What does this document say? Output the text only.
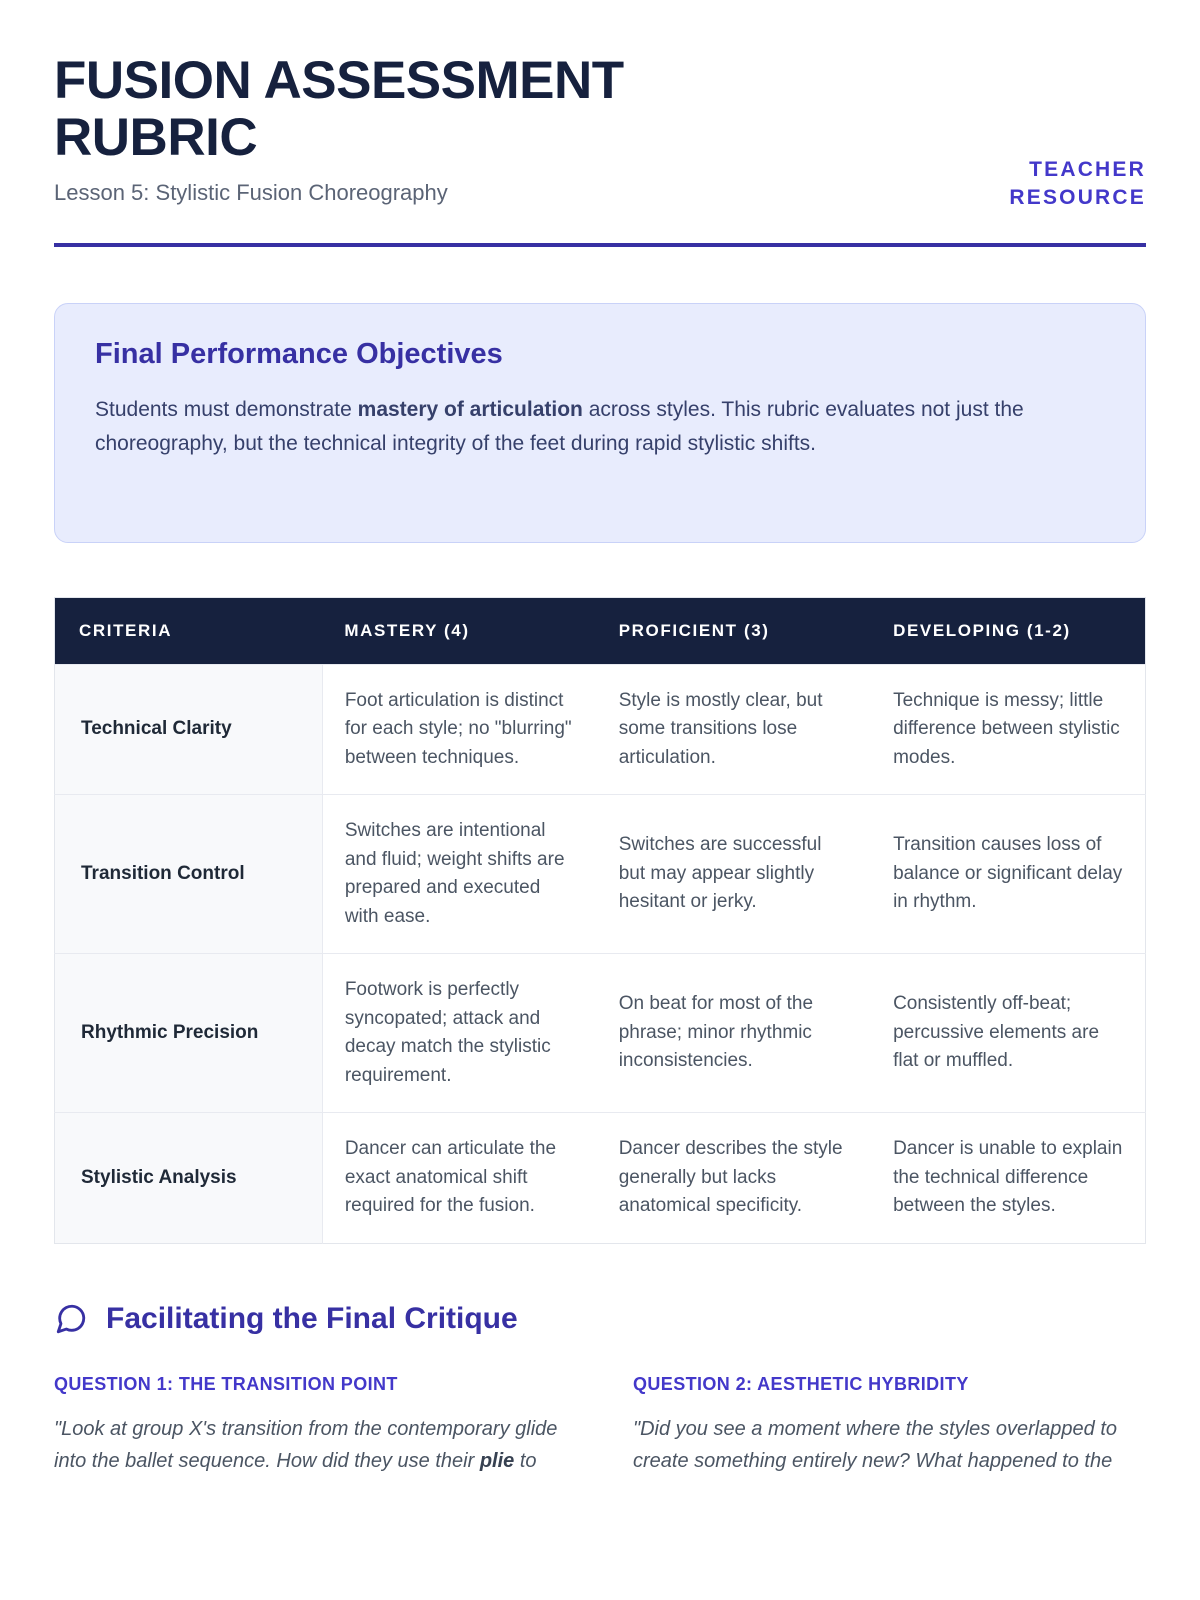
FUSION ASSESSMENT RUBRIC

Lesson 5: Stylistic Fusion Choreography

TEACHER
RESOURCE
Final Performance Objectives

Students must demonstrate mastery of articulation across styles. This rubric evaluates not just the choreography, but the technical integrity of the feet during rapid stylistic shifts.

CRITERIA	MASTERY (4)	PROFICIENT (3)	DEVELOPING (1-2)
Technical Clarity	Foot articulation is distinct for each style; no "blurring" between techniques.	Style is mostly clear, but some transitions lose articulation.	Technique is messy; little difference between stylistic modes.
Transition Control	Switches are intentional and fluid; weight shifts are prepared and executed with ease.	Switches are successful but may appear slightly hesitant or jerky.	Transition causes loss of balance or significant delay in rhythm.
Rhythmic Precision	Footwork is perfectly syncopated; attack and decay match the stylistic requirement.	On beat for most of the phrase; minor rhythmic inconsistencies.	Consistently off-beat; percussive elements are flat or muffled.
Stylistic Analysis	Dancer can articulate the exact anatomical shift required for the fusion.	Dancer describes the style generally but lacks anatomical specificity.	Dancer is unable to explain the technical difference between the styles.
Facilitating the Final Critique
QUESTION 1: THE TRANSITION POINT
"Look at group X's transition from the contemporary glide into the ballet sequence. How did they use their plie to
QUESTION 2: AESTHETIC HYBRIDITY
"Did you see a moment where the styles overlapped to create something entirely new? What happened to the
